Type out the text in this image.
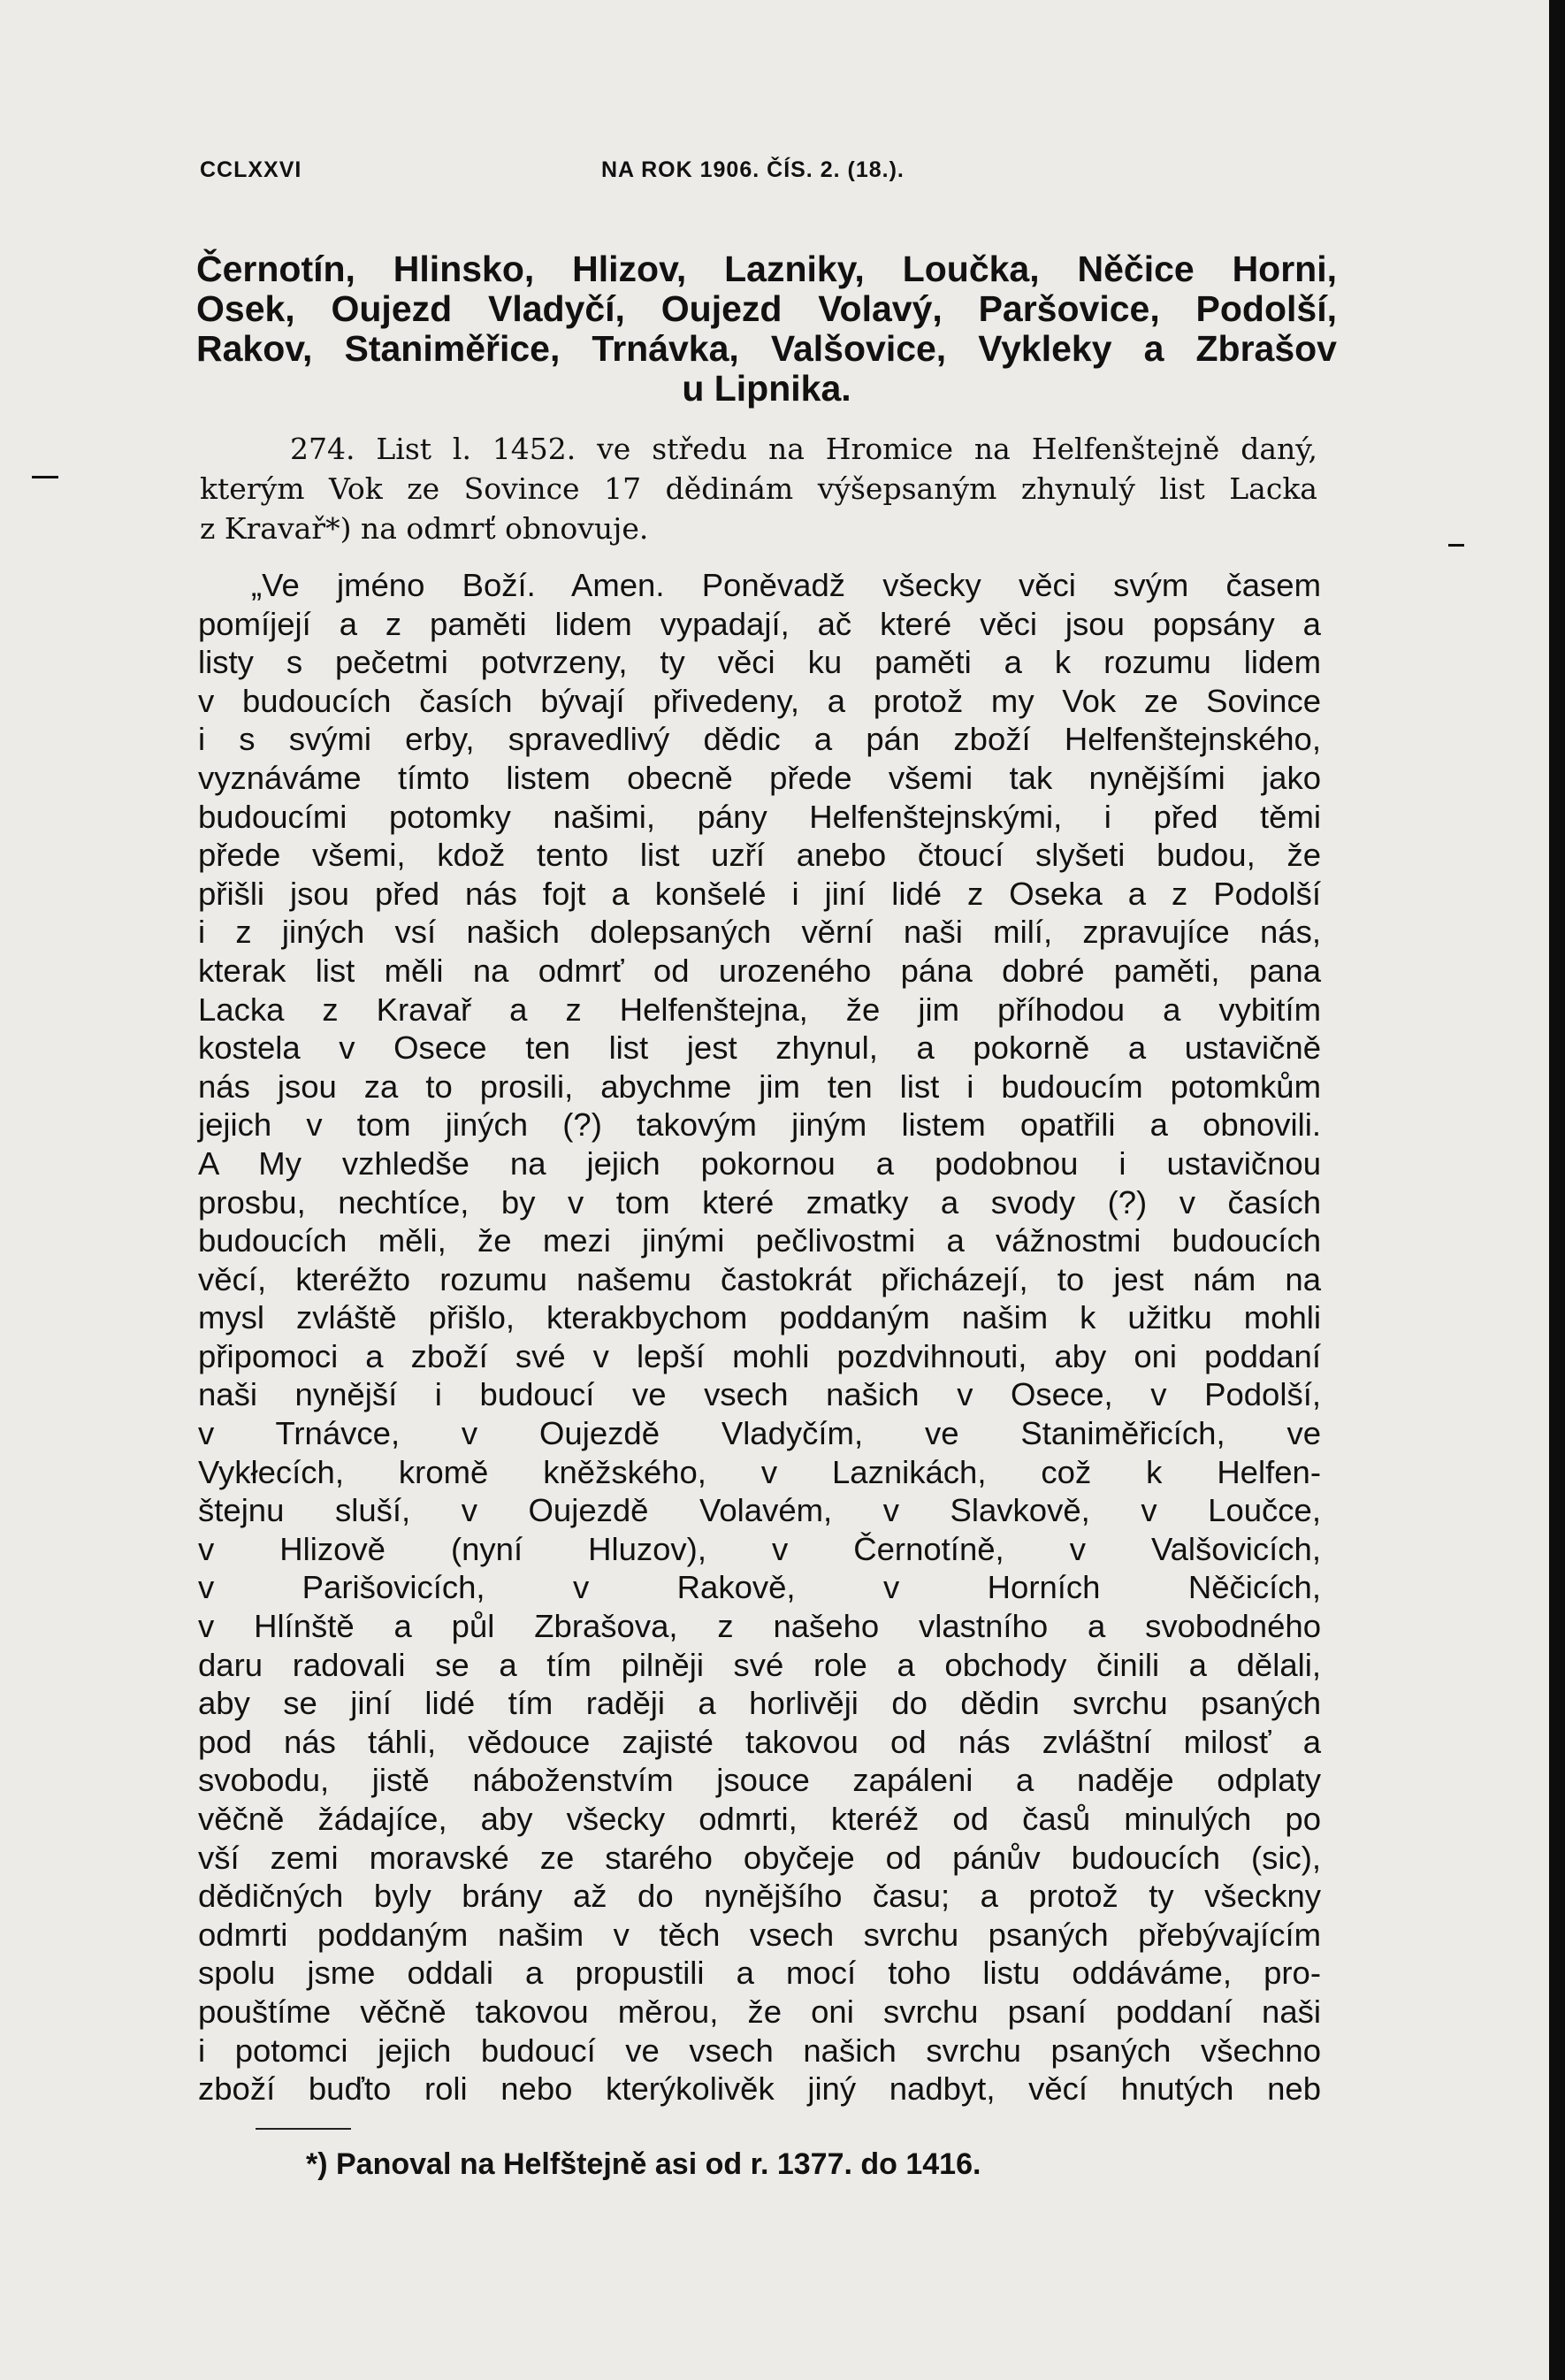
CCLXXVI	NA ROK 1906. ČÍS. 2. (18.).
Černotín, Hlinsko, Hlizov, Lazniky, Loučka, Něčice Horni,
Osek, Oujezd Vladyčí, Oujezd Volavý, Paršovice, Podolší,
Rakov, Staniměřice, Trnávka, Valšovice, Vykleky a Zbrašov
u Lipnika.
274. List l. 1452. ve středu na Hromice na Helfenštejně daný,
kterým Vok ze Sovince 17 dědinám výšepsaným zhynulý list Lacka
z Kravař*) na odmrť obnovuje.
„Ve jméno Boží. Amen. Poněvadž všecky věci svým časem
pomíjejí a z paměti lidem vypadají, ač které věci jsou popsány a
listy s pečetmi potvrzeny, ty věci ku paměti a k rozumu lidem
v budoucích časích bývají přivedeny, a protož my Vok ze Sovince
i s svými erby, spravedlivý dědic a pán zboží Helfenštejnského,
vyznáváme tímto listem obecně přede všemi tak nynějšími jako
budoucími potomky našimi, pány Helfenštejnskými, i před těmi
přede všemi, kdož tento list uzří anebo čtoucí slyšeti budou, že
přišli jsou před nás fojt a konšelé i jiní lidé z Oseka a z Podolší
i z jiných vsí našich dolepsaných věrní naši milí, zpravujíce nás,
kterak list měli na odmrť od urozeného pána dobré paměti, pana
Lacka z Kravař a z Helfenštejna, že jim příhodou a vybitím
kostela v Osece ten list jest zhynul, a pokorně a ustavičně
nás jsou za to prosili, abychme jim ten list i budoucím potomkům
jejich v tom jiných (?) takovým jiným listem opatřili a obnovili.
A My vzhledše na jejich pokornou a podobnou i ustavičnou
prosbu, nechtíce, by v tom které zmatky a svody (?) v časích
budoucích měli, že mezi jinými pečlivostmi a vážnostmi budoucích
věcí, kteréžto rozumu našemu častokrát přicházejí, to jest nám na
mysl zvláště přišlo, kterakbychom poddaným našim k užitku mohli
připomoci a zboží své v lepší mohli pozdvihnouti, aby oni poddaní
naši nynější i budoucí ve vsech našich v Osece, v Podolší,
v Trnávce, v Oujezdě Vladyčím, ve Staniměřicích, ve
Vykłecích, kromě kněžského, v Laznikách, což k Helfen-
štejnu sluší, v Oujezdě Volavém, v Slavkově, v Loučce,
v Hlizově (nyní Hluzov), v Černotíně, v Valšovicích,
v Parišovicích, v Rakově, v Horních Něčicích,
v Hlínště a půl Zbrašova, z našeho vlastního a svobodného
daru radovali se a tím pilněji své role a obchody činili a dělali,
aby se jiní lidé tím raději a horlivěji do dědin svrchu psaných
pod nás táhli, vědouce zajisté takovou od nás zvláštní milosť a
svobodu, jistě náboženstvím jsouce zapáleni a naděje odplaty
věčně žádajíce, aby všecky odmrti, kteréž od časů minulých po
vší zemi moravské ze starého obyčeje od pánův budoucích (sic),
dědičných byly brány až do nynějšího času; a protož ty všeckny
odmrti poddaným našim v těch vsech svrchu psaných přebývajícím
spolu jsme oddali a propustili a mocí toho listu oddáváme, pro-
pouštíme věčně takovou měrou, že oni svrchu psaní poddaní naši
i potomci jejich budoucí ve vsech našich svrchu psaných všechno
zboží buďto roli nebo kterýkolivěk jiný nadbyt, věcí hnutých neb
*) Panoval na Helfštejně asi od r. 1377. do 1416.
